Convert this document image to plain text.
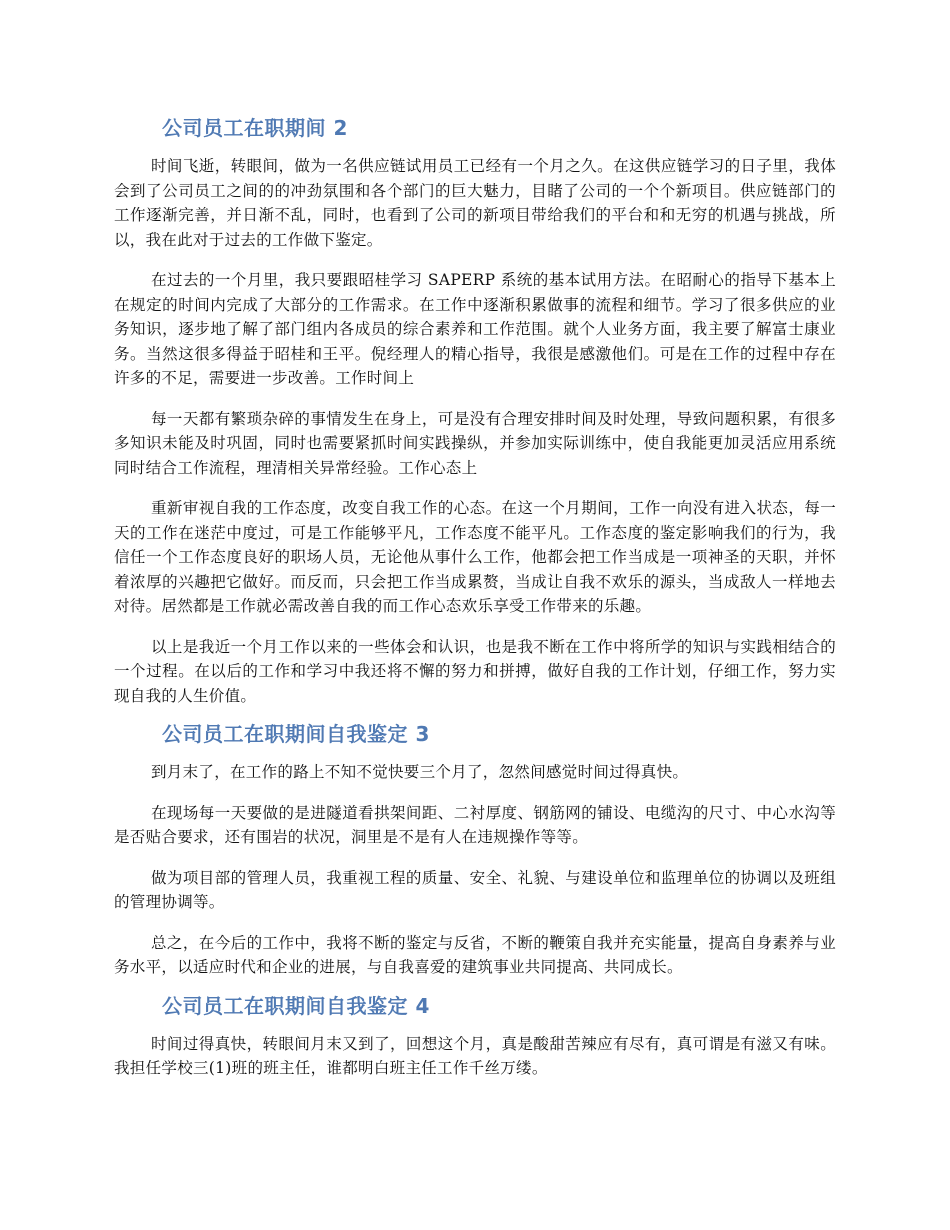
公司员工在职期间 2

时间飞逝，转眼间，做为一名供应链试用员工已经有一个月之久。在这供应链学习的日子里，我体会到了公司员工之间的的冲劲氛围和各个部门的巨大魅力，目睹了公司的一个个新项目。供应链部门的工作逐渐完善，并日渐不乱，同时，也看到了公司的新项目带给我们的平台和和无穷的机遇与挑战，所以，我在此对于过去的工作做下鉴定。

在过去的一个月里，我只要跟昭桂学习 SAPERP 系统的基本试用方法。在昭耐心的指导下基本上在规定的时间内完成了大部分的工作需求。在工作中逐渐积累做事的流程和细节。学习了很多供应的业务知识，逐步地了解了部门组内各成员的综合素养和工作范围。就个人业务方面，我主要了解富士康业务。当然这很多得益于昭桂和王平。倪经理人的精心指导，我很是感激他们。可是在工作的过程中存在许多的不足，需要进一步改善。工作时间上

每一天都有繁琐杂碎的事情发生在身上，可是没有合理安排时间及时处理，导致问题积累，有很多多知识未能及时巩固，同时也需要紧抓时间实践操纵，并参加实际训练中，使自我能更加灵活应用系统同时结合工作流程，理清相关异常经验。工作心态上

重新审视自我的工作态度，改变自我工作的心态。在这一个月期间，工作一向没有进入状态，每一天的工作在迷茫中度过，可是工作能够平凡，工作态度不能平凡。工作态度的鉴定影响我们的行为，我信任一个工作态度良好的职场人员，无论他从事什么工作，他都会把工作当成是一项神圣的天职，并怀着浓厚的兴趣把它做好。而反而，只会把工作当成累赘，当成让自我不欢乐的源头，当成敌人一样地去对待。居然都是工作就必需改善自我的而工作心态欢乐享受工作带来的乐趣。

以上是我近一个月工作以来的一些体会和认识，也是我不断在工作中将所学的知识与实践相结合的一个过程。在以后的工作和学习中我还将不懈的努力和拼搏，做好自我的工作计划，仔细工作，努力实现自我的人生价值。

公司员工在职期间自我鉴定 3

到月末了，在工作的路上不知不觉快要三个月了，忽然间感觉时间过得真快。

在现场每一天要做的是进隧道看拱架间距、二衬厚度、钢筋网的铺设、电缆沟的尺寸、中心水沟等是否贴合要求，还有围岩的状况，洞里是不是有人在违规操作等等。

做为项目部的管理人员，我重视工程的质量、安全、礼貌、与建设单位和监理单位的协调以及班组的管理协调等。

总之，在今后的工作中，我将不断的鉴定与反省，不断的鞭策自我并充实能量，提高自身素养与业务水平，以适应时代和企业的进展，与自我喜爱的建筑事业共同提高、共同成长。

公司员工在职期间自我鉴定 4

时间过得真快，转眼间月末又到了，回想这个月，真是酸甜苦辣应有尽有，真可谓是有滋又有味。我担任学校三(1)班的班主任，谁都明白班主任工作千丝万缕。
